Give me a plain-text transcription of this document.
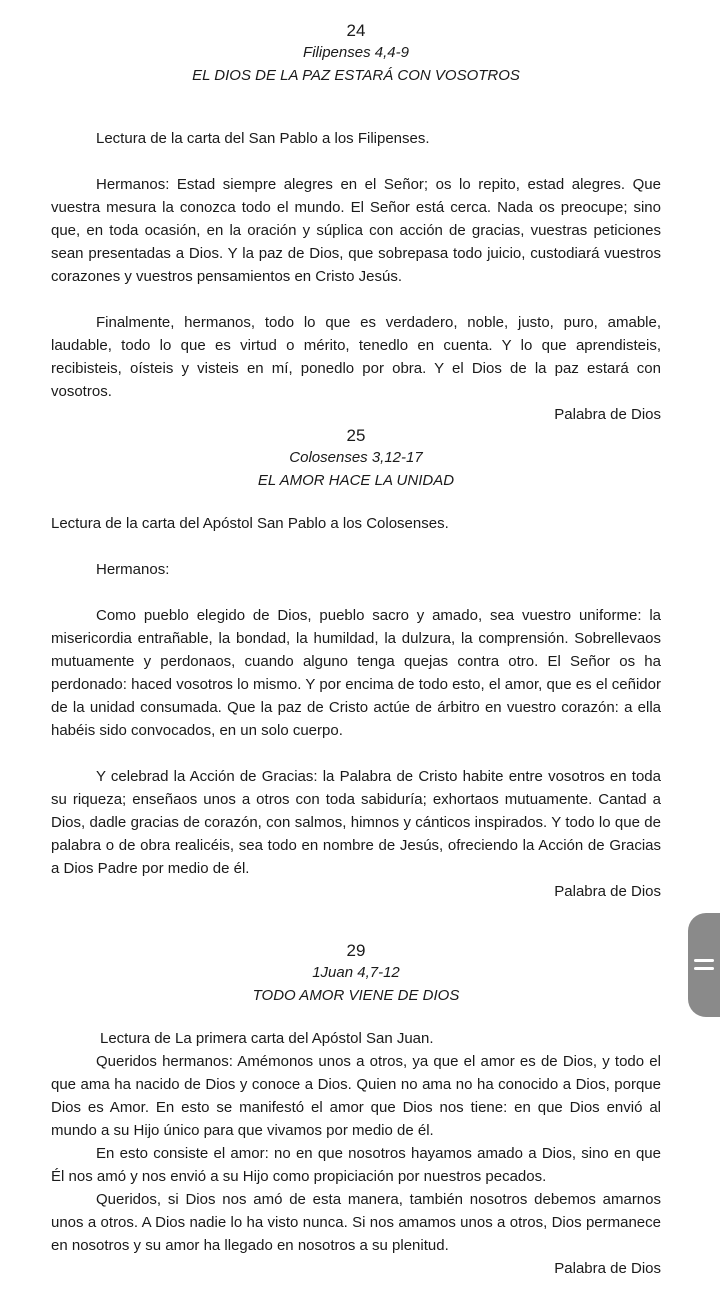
24

Filipenses 4,4-9

EL DIOS DE LA PAZ ESTARÁ CON VOSOTROS

Lectura de la carta del San Pablo a los Filipenses.

Hermanos: Estad siempre alegres en el Señor; os lo repito, estad alegres. Que vuestra mesura la conozca todo el mundo. El Señor está cerca. Nada os preocupe; sino que, en toda ocasión, en la oración y súplica con acción de gracias, vuestras peticiones sean presentadas a Dios. Y la paz de Dios, que sobrepasa todo juicio, custodiará vuestros corazones y vuestros pensamientos en Cristo Jesús.

Finalmente, hermanos, todo lo que es verdadero, noble, justo, puro, amable, laudable, todo lo que es virtud o mérito, tenedlo en cuenta. Y lo que aprendisteis, recibisteis, oísteis y visteis en mí, ponedlo por obra. Y el Dios de la paz estará con vosotros.

Palabra de Dios

25

Colosenses 3,12-17

EL AMOR HACE LA UNIDAD

Lectura de la carta del Apóstol San Pablo a los Colosenses.

Hermanos:

Como pueblo elegido de Dios, pueblo sacro y amado, sea vuestro uniforme: la misericordia entrañable, la bondad, la humildad, la dulzura, la comprensión. Sobrellevaos mutuamente y perdonaos, cuando alguno tenga quejas contra otro. El Señor os ha perdonado: haced vosotros lo mismo. Y por encima de todo esto, el amor, que es el ceñidor de la unidad consumada. Que la paz de Cristo actúe de árbitro en vuestro corazón: a ella habéis sido convocados, en un solo cuerpo.

Y celebrad la Acción de Gracias: la Palabra de Cristo habite entre vosotros en toda su riqueza; enseñaos unos a otros con toda sabiduría; exhortaos mutuamente. Cantad a Dios, dadle gracias de corazón, con salmos, himnos y cánticos inspirados. Y todo lo que de palabra o de obra realicéis, sea todo en nombre de Jesús, ofreciendo la Acción de Gracias a Dios Padre por medio de él.

Palabra de Dios

29

1Juan 4,7-12

TODO AMOR VIENE DE DIOS

Lectura de La primera carta del Apóstol San Juan.

Queridos hermanos: Amémonos unos a otros, ya que el amor es de Dios, y todo el que ama ha nacido de Dios y conoce a Dios. Quien no ama no ha conocido a Dios, porque Dios es Amor. En esto se manifestó el amor que Dios nos tiene: en que Dios envió al mundo a su Hijo único para que vivamos por medio de él.

En esto consiste el amor: no en que nosotros hayamos amado a Dios, sino en que Él nos amó y nos envió a su Hijo como propiciación por nuestros pecados.

Queridos, si Dios nos amó de esta manera, también nosotros debemos amarnos unos a otros. A Dios nadie lo ha visto nunca. Si nos amamos unos a otros, Dios permanece en nosotros y su amor ha llegado en nosotros a su plenitud.

Palabra de Dios
